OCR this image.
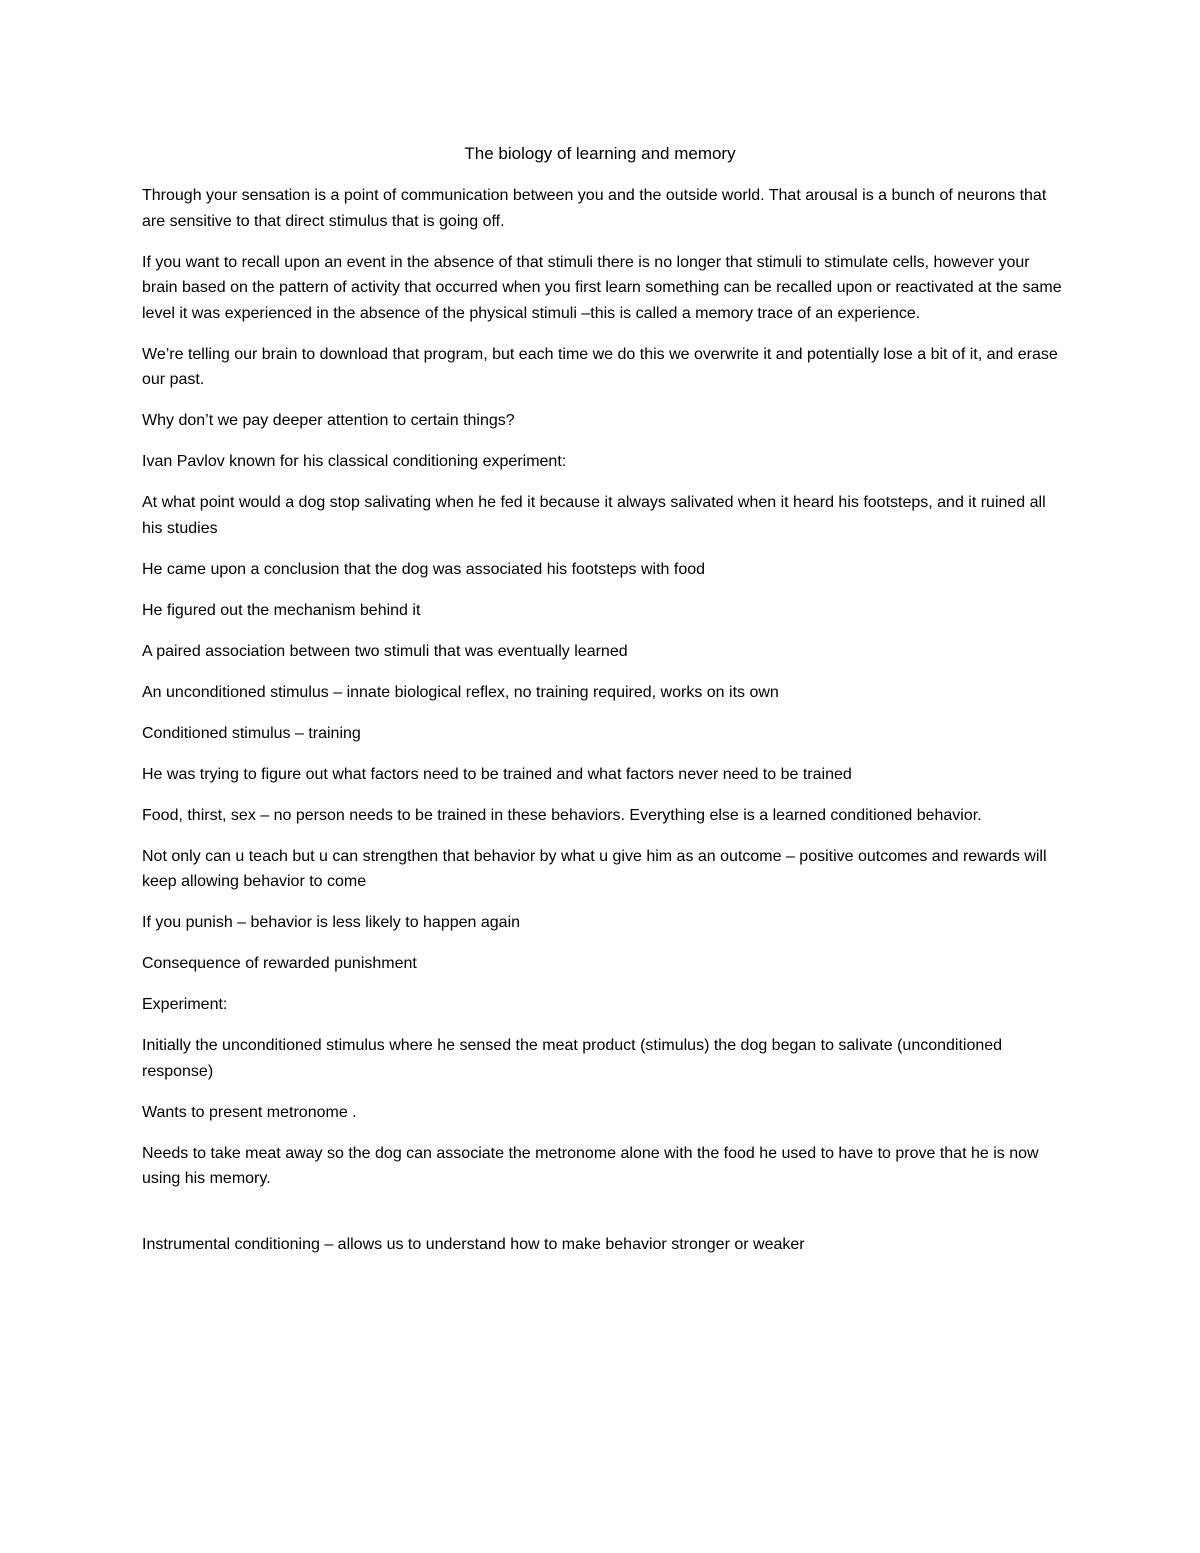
The biology of learning and memory

Through your sensation is a point of communication between you and the outside world. That arousal is a bunch of neurons that are sensitive to that direct stimulus that is going off.

If you want to recall upon an event in the absence of that stimuli there is no longer that stimuli to stimulate cells, however your brain based on the pattern of activity that occurred when you first learn something can be recalled upon or reactivated at the same level it was experienced in the absence of the physical stimuli –this is called a memory trace of an experience.

We’re telling our brain to download that program, but each time we do this we overwrite it and potentially lose a bit of it, and erase our past.

Why don’t we pay deeper attention to certain things?

Ivan Pavlov known for his classical conditioning experiment:

At what point would a dog stop salivating when he fed it because it always salivated when it heard his footsteps, and it ruined all his studies

He came upon a conclusion that the dog was associated his footsteps with food

He figured out the mechanism behind it

A paired association between two stimuli that was eventually learned

An unconditioned stimulus – innate biological reflex, no training required, works on its own

Conditioned stimulus – training

He was trying to figure out what factors need to be trained and what factors never need to be trained

Food, thirst, sex – no person needs to be trained in these behaviors. Everything else is a learned conditioned behavior.

Not only can u teach but u can strengthen that behavior by what u give him as an outcome – positive outcomes and rewards will keep allowing behavior to come

If you punish – behavior is less likely to happen again

Consequence of rewarded punishment

Experiment:

Initially the unconditioned stimulus where he sensed the meat product (stimulus) the dog began to salivate (unconditioned response)

Wants to present metronome .

Needs to take meat away so the dog can associate the metronome alone with the food he used to have to prove that he is now using his memory.

Instrumental conditioning – allows us to understand how to make behavior stronger or weaker
